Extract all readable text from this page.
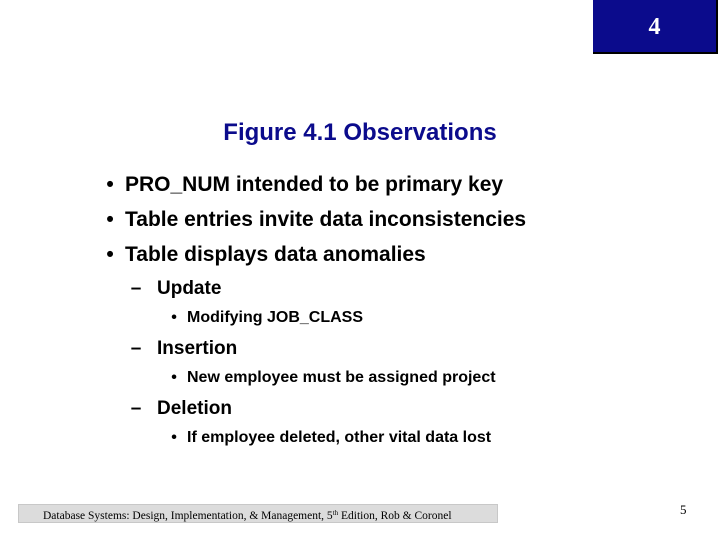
4
Figure 4.1 Observations
• PRO_NUM intended to be primary key
• Table entries invite data inconsistencies
• Table displays data anomalies
– Update
• Modifying JOB_CLASS
– Insertion
• New employee must be assigned project
– Deletion
• If employee deleted, other vital data lost
Database Systems: Design, Implementation, & Management, 5th Edition, Rob & Coronel	5
